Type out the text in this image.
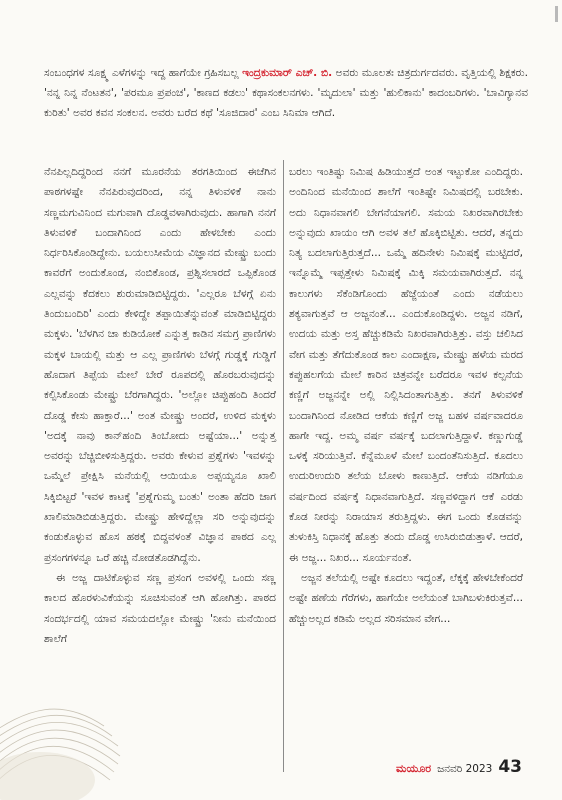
ಸಂಬಂಧಗಳ ಸೂಕ್ಷ್ಮ ಎಳೆಗಳನ್ನು ಇದ್ದ ಹಾಗೆಯೇ ಗ್ರಹಿಸಬಲ್ಲ ಇಂದ್ರಕುಮಾರ್ ಎಚ್. ಬಿ. ಅವರು ಮೂಲತಃ ಚಿತ್ರದುರ್ಗದವರು. ವೃತ್ತಿಯಲ್ಲಿ ಶಿಕ್ಷಕರು. 'ನನ್ನ ನಿನ್ನ ನೆಂಟತನ', 'ಪರಮೂ ಪ್ರಪಂಚ', 'ಕಾಣದ ಕಡಲು' ಕಥಾಸಂಕಲನಗಳು. 'ಮೃದುಲಾ' ಮತ್ತು 'ಹುಲಿಕಾನು' ಕಾದಂಬರಿಗಳು. 'ಬಾವಿಗ್ಯಾನವ ಕುರಿತು' ಅವರ ಕವನ ಸಂಕಲನ. ಅವರು ಬರೆದ ಕಥೆ 'ಸೂಜಿದಾರ' ಎಂಬ ಸಿನಿಮಾ ಆಗಿದೆ.

ನೆನಪಿಲ್ಲದಿದ್ದರಿಂದ ನನಗೆ ಮೂರನೆಯ ತರಗತಿಯಿಂದ ಈಚೆಗಿನ ಪಾಠಗಳಷ್ಟೇ ನೆನಪಿರುವುದರಿಂದ, ನನ್ನ ತಿಳುವಳಿಕೆ ನಾನು ಸಣ್ಣಮಗುವಿನಿಂದ ಮಗುವಾಗಿ ದೊಡ್ಡವಳಾಗಿರುವುದು. ಹಾಗಾಗಿ ನನಗೆ ತಿಳುವಳಿಕೆ ಬಂದಾಗಿನಿಂದ ಎಂದು ಹೇಳಬೇಕು ಎಂದು ನಿರ್ಧರಿಸಿಕೊಂಡಿದ್ದೇನು. ಬಯಲುಸೀಮೆಯ ವಿಜ್ಞಾನದ ಮೇಷ್ಟ್ರು ಬಂದು ಕಾವರೆಗೆ ಅಂದುಕೊಂಡ, ನಂಬಿಕೊಂಡ, ಪ್ರಶ್ನಿಸಲಾರದೆ ಒಪ್ಪಿಕೊಂಡ ಎಲ್ಲವನ್ನು ಕೆದಕಲು ಶುರುಮಾಡಿಬಿಟ್ಟಿದ್ದರು. 'ಎಲ್ಲರೂ ಬೆಳಗ್ಗೆ ಏನು ತಿಂದುಬಂದಿರಿ' ಎಂದು ಕೇಳಿದ್ದೇ ತಪ್ಪಾಯಿತೆನ್ನುವಂತೆ ಮಾಡಿಬಿಟ್ಟಿದ್ದರು ಮಕ್ಕಳು. 'ಬೆಳಗಿನ ಚಾ ಕುಡಿಯೋಕೆ ಎನ್ನುತ್ತ ಕಾಡಿನ ಸಮಗ್ರ ಪ್ರಾಣಿಗಳು ಮಕ್ಕಳ ಬಾಯಲ್ಲಿ ಮತ್ತು ಆ ಎಲ್ಲ ಪ್ರಾಣಿಗಳು ಬೆಳಗ್ಗೆ ಗುಡ್ಡಕ್ಕೆ ಗುಡ್ಡಿಗೆ ಹೊದಾಗ ತಿಪ್ಪೆಯ ಮೇಲೆ ಬೇರೆ ರೂಪದಲ್ಲಿ ಹೊರಬರುವುದನ್ನು ಕಲ್ಪಿಸಿಕೊಂಡು ಮೇಷ್ಟ್ರು ಬೆರಗಾಗಿದ್ದರು. 'ಅಲ್ಲೋ ಚಿಪ್ಪುಹಂದಿ ತಿಂದರೆ ದೊಡ್ಡ ಕೇಸು ಹಾಕ್ತಾರೆ...' ಅಂತ ಮೇಷ್ಟ್ರು ಅಂದರೆ, ಉಳಿದ ಮಕ್ಕಳು 'ಅದಕ್ಕೆ ನಾವು ಕಾನ್‌ಹಂದಿ ತಿಂಬೋದು ಅಷ್ಟೆಯಾ...' ಅನ್ನುತ್ತ ಅವರನ್ನು ಬೆಚ್ಚಿಬೀಳಿಸುತ್ತಿದ್ದರು. ಅವರು ಕೇಳುವ ಪ್ರಶ್ನೆಗಳು 'ಇವಳನ್ನು ಒಮ್ಮೆಲೆ ಪ್ರೇಕ್ಷಿಸಿ ಮನೆಯಲ್ಲಿ ಆಯಿಯೂ ಅಪ್ಪಯ್ಯನೂ ಖಾಲಿ ಸಿಕ್ಕಿಬಿಟ್ಟರೆ 'ಇವಳ ಕಾಟಕ್ಕೆ 'ಪ್ರಶ್ನೆಗುಮ್ಮ ಬಂತು' ಅಂತಾ ಹೆದರಿ ಜಾಗ ಖಾಲಿಮಾಡಿಬಿಡುತ್ತಿದ್ದರು. ಮೇಷ್ಟ್ರು ಹೇಳಿದ್ದೆಲ್ಲಾ ಸರಿ ಅನ್ನುವುದನ್ನು ಕಂಡುಕೊಳ್ಳುವ ಹೊಸ ಹಠಕ್ಕೆ ಬಿದ್ದವಳಂತೆ ವಿಜ್ಞಾನ ಪಾಠದ ಎಲ್ಲ ಪ್ರಸಂಗಗಳನ್ನೂ ಒರೆ ಹಚ್ಚಿ ನೋಡತೊಡಗಿದ್ದೆನು.

ಈ ಅಜ್ಜ ದಾಟಿಕೊಳ್ಳುವ ಸಣ್ಣ ಪ್ರಸಂಗ ಅವಳಲ್ಲಿ ಒಂದು ಸಣ್ಣ ಕಾಲದ ಹೊರಳುವಿಕೆಯನ್ನು ಸೂಚಿಸುವಂತೆ ಆಗಿ ಹೋಗಿತ್ತು. ಪಾಠದ ಸಂದರ್ಭದಲ್ಲಿ ಯಾವ ಸಮಯದಲ್ಲೋ ಮೇಷ್ಟ್ರು 'ನೀನು ಮನೆಯಿಂದ ಶಾಲೆಗೆ

ಬರಲು ಇಂತಿಷ್ಟು ನಿಮಿಷ ಹಿಡಿಯುತ್ತದೆ ಅಂತ ಇಟ್ಟುಕೋ ಎಂದಿದ್ದರು. ಅಂದಿನಿಂದ ಮನೆಯಿಂದ ಶಾಲೆಗೆ ಇಂತಿಷ್ಟೇ ನಿಮಿಷದಲ್ಲಿ ಬರಬೇಕು. ಅದು ನಿಧಾನವಾಗಲಿ ಬೇಗನೆಯಾಗಲಿ. ಸಮಯ ನಿಖರವಾಗಿರಬೇಕು ಅನ್ನುವುದು ಖಾಯಂ ಆಗಿ ಅವಳ ತಲೆ ಹೊಕ್ಕಿಬಿಟ್ಟಿತು. ಆದರೆ, ತನ್ನದು ನಿತ್ಯ ಬದಲಾಗುತ್ತಿರುತ್ತದೆ... ಒಮ್ಮೆ ಹದಿನೇಳು ನಿಮಿಷಕ್ಕೆ ಮುಟ್ಟಿದರೆ, ಇನ್ನೊಮ್ಮೆ ಇಪ್ಪತ್ತೇಳು ನಿಮಿಷಕ್ಕೆ ಮಿಕ್ಕಿ ಸಮಯವಾಗಿರುತ್ತದೆ. ನನ್ನ ಕಾಲುಗಳು ಸೆಕೆಂಡಿಗೊಂದು ಹೆಜ್ಜೆಯಂತೆ ಎಂದು ನಡೆಯಲು ಶಕ್ಯವಾಗುತ್ತವೆ ಆ ಅಜ್ಜನಂತೆ... ಎಂದುಕೊಂಡಿದ್ದಳು. ಅಜ್ಜನ ನಡಿಗೆ, ಉದಯ ಮತ್ತು ಅಸ್ತ ಹೆಚ್ಚುಕಡಿಮೆ ನಿಖರವಾಗಿರುತ್ತಿತ್ತು. ವಸ್ತು ಚಲಿಸಿದ ವೇಗ ಮತ್ತು ತೆಗೆದುಕೊಂಡ ಕಾಲ ಎಂದಾಕ್ಷಣ, ಮೇಷ್ಟ್ರು ಹಳೆಯ ಮರದ ಕಪ್ಪುಹಲಗೆಯ ಮೇಲೆ ಕಾರಿನ ಚಿತ್ರವನ್ನೇ ಬರೆದರೂ ಇವಳ ಕಲ್ಪನೆಯ ಕಣ್ಣಿಗೆ ಅಜ್ಜನನ್ನೇ ಅಲ್ಲಿ ನಿಲ್ಲಿಸಿದಂತಾಗುತ್ತಿತ್ತು. ತನಗೆ ತಿಳುವಳಿಕೆ ಬಂದಾಗಿನಿಂದ ನೋಡಿದ ಆಕೆಯ ಕಣ್ಣಿಗೆ ಅಜ್ಜ ಬಹಳ ವರ್ಷವಾದರೂ ಹಾಗೇ ಇದ್ದ. ಅಮ್ಮ ವರ್ಷ ವರ್ಷಕ್ಕೆ ಬದಲಾಗುತ್ತಿದ್ದಾಳೆ. ಕಣ್ಣುಗುಡ್ಡೆ ಒಳಕ್ಕೆ ಸರಿಯುತ್ತಿವೆ. ಕೆನ್ನೆಮೂಳೆ ಮೇಲೆ ಬಂದಂತೆನಿಸುತ್ತಿದೆ. ಕೂದಲು ಉದುರಿಉದುರಿ ತಲೆಯ ಬೋಳು ಕಾಣುತ್ತಿದೆ. ಆಕೆಯ ನಡಿಗೆಯೂ ವರ್ಷದಿಂದ ವರ್ಷಕ್ಕೆ ನಿಧಾನವಾಗುತ್ತಿದೆ. ಸಣ್ಣವಳಿದ್ದಾಗ ಆಕೆ ಎರಡು ಕೊಡ ನೀರನ್ನು ನಿರಾಯಾಸ ತರುತ್ತಿದ್ದಳು. ಈಗ ಒಂದು ಕೊಡವನ್ನು ತುಳುಕಿಸ್ತಿ ನಿಧಾನಕ್ಕೆ ಹೊತ್ತು ತಂದು ದೊಡ್ಡ ಉಸಿರುಬಿಡುತ್ತಾಳೆ. ಆದರೆ, ಈ ಅಜ್ಜ... ನಿಖರ... ಸೂರ್ಯನಂತೆ.

ಅಜ್ಜನ ತಲೆಯಲ್ಲಿ ಅಷ್ಟೇ ಕೂದಲು ಇದ್ದಂತೆ, ಲೆಕ್ಕಕ್ಕೆ ಹೇಳಬೇಕೆಂದರೆ ಅಷ್ಟೇ ಹಣೆಯ ಗೆರೆಗಳು, ಹಾಗೆಯೇ ಅಲೆಯಂತೆ ಬಾಗಿಬಳುಕಿರುತ್ತವೆ... ಹೆಚ್ಚುಅಲ್ಲದ ಕಡಿಮೆ ಅಲ್ಲದ ಸರಿಸಮಾನ ವೇಗ...

ಮಯೂರ ಜನವರಿ 2023 43
